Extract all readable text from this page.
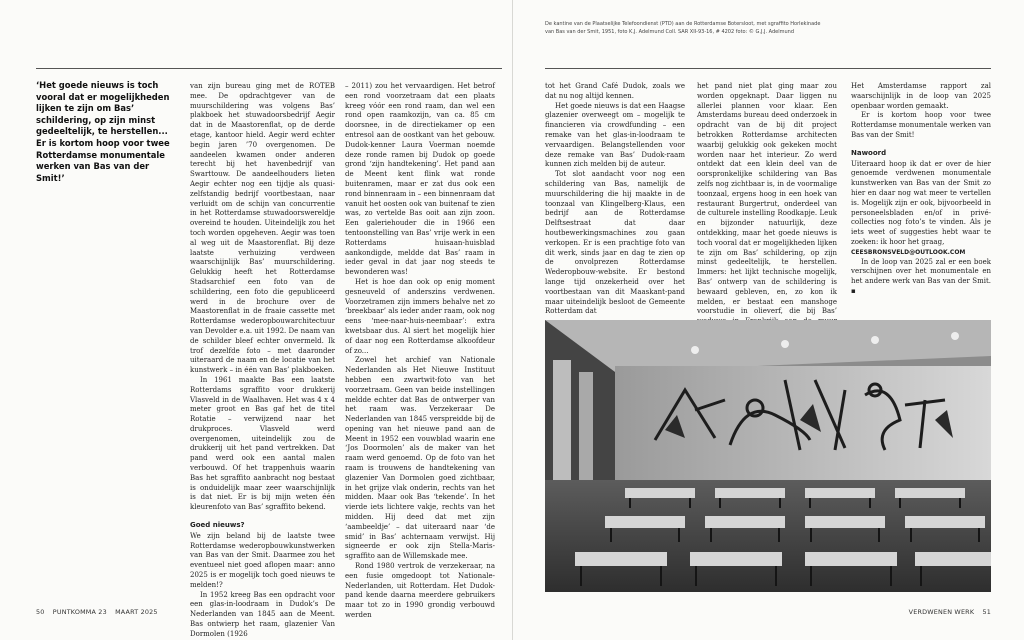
De kantine van de Plaatselijke Telefoondienst (PTD) aan de Rotterdamse Botersloot, met sgraffito Horlekinade
van Bas van der Smit, 1951, foto K.J. Adelmund Coll. SAR XII-93-16, # 4202 foto: © G.J.J. Adelmund
‘Het goede nieuws is toch vooral dat er mogelijkheden lijken te zijn om Bas’ schildering, op zijn minst gedeeltelijk, te herstellen... Er is kortom hoop voor twee Rotterdamse monumentale werken van Bas van der Smit!’

van zijn bureau ging met de ROTEB mee. De opdrachtgever van de muurschildering was volgens Bas’ plakboek het stuwadoorsbedrijf Aegir dat in de Maastorenflat, op de derde etage, kantoor hield. Aegir werd echter begin jaren ’70 overgenomen. De aandeelen kwamen onder anderen terecht bij het havenbedrijf van Swarttouw. De aandeelhouders lieten Aegir echter nog een tijdje als quasi-zelfstandig bedrijf voortbestaan, naar verluidt om de schijn van concurrentie in het Rotterdamse stuwadoorswereldje overeind te houden. Uiteindelijk zou het toch worden opgeheven. Aegir was toen al weg uit de Maastorenflat. Bij deze laatste verhuizing verdween waarschijnlijk Bas’ muurschildering. Gelukkig heeft het Rotterdamse Stadsarchief een foto van de schildering, een foto die gepubliceerd werd in de brochure over de Maastorenflat in de fraaie cassette met Rotterdamse wederopbouwarchitectuur van Devolder e.a. uit 1992. De naam van de schilder bleef echter onvermeld. Ik trof dezelfde foto – met daaronder uiteraard de naam en de locatie van het kunstwerk – in één van Bas’ plakboeken.

In 1961 maakte Bas een laatste Rotterdams sgraffito voor drukkerij Vlasveld in de Waalhaven. Het was 4 x 4 meter groot en Bas gaf het de titel Rotatie – verwijzend naar het drukproces. Vlasveld werd overgenomen, uiteindelijk zou de drukkerij uit het pand vertrekken. Dat pand werd ook een aantal malen verbouwd. Of het trappenhuis waarin Bas het sgraffito aanbracht nog bestaat is onduidelijk maar zeer waarschijnlijk is dat niet. Er is bij mijn weten één kleurenfoto van Bas’ sgraffito bekend.

Goed nieuws?

We zijn beland bij de laatste twee Rotterdamse wederopbouwkunstwerken van Bas van der Smit. Daarmee zou het eventueel niet goed aflopen maar: anno 2025 is er mogelijk toch goed nieuws te melden!?

In 1952 kreeg Bas een opdracht voor een glas-in-loodraam in Dudok’s De Nederlanden van 1845 aan de Meent. Bas ontwierp het raam, glazenier Van Dormolen (1926

– 2011) zou het vervaardigen. Het betrof een rond voorzetraam dat een plaats kreeg vóór een rond raam, dan wel een rond open raamkozijn, van ca. 85 cm doorsnee, in de directiekamer op een entresol aan de oostkant van het gebouw. Dudok-kenner Laura Voerman noemde deze ronde ramen bij Dudok op goede grond ‘zijn handtekening’. Het pand aan de Meent kent flink wat ronde buitenramen, maar er zat dus ook een rond binnenraam in – een binnenraam dat vanuit het oosten ook van buitenaf te zien was, zo vertelde Bas ooit aan zijn zoon. Een galeriehouder die in 1966 een tentoonstelling van Bas’ vrije werk in een Rotterdams huisaan-huisblad aankondigde, meldde dat Bas’ raam in ieder geval in dat jaar nog steeds te bewonderen was!

Het is hoe dan ook op enig moment gesneuveld of anderszins verdwenen. Voorzetramen zijn immers behalve net zo ‘breekbaar’ als ieder ander raam, ook nog eens ‘mee-naar-huis-neembaar’: extra kwetsbaar dus. Al siert het mogelijk hier of daar nog een Rotterdamse alkoofdeur of zo...

Zowel het archief van Nationale Nederlanden als Het Nieuwe Instituut hebben een zwartwit-foto van het voorzetraam. Geen van beide instellingen meldde echter dat Bas de ontwerper van het raam was. Verzekeraar De Nederlanden van 1845 verspreidde bij de opening van het nieuwe pand aan de Meent in 1952 een vouwblad waarin ene ‘Jos Doormolen’ als de maker van het raam werd genoemd. Op de foto van het raam is trouwens de handtekening van glazenier Van Dormolen goed zichtbaar, in het grijze vlak onderin, rechts van het midden. Maar ook Bas ‘tekende’. In het vierde iets lichtere vakje, rechts van het midden. Hij deed dat met zijn ‘aambeeldje’ – dat uiteraard naar ‘de smid’ in Bas’ achternaam verwijst. Hij signeerde er ook zijn Stella-Maris-sgraffito aan de Willemskade mee.

Rond 1980 vertrok de verzekeraar, na een fusie omgedoopt tot Nationale-Nederlanden, uit Rotterdam. Het Dudok-pand kende daarna meerdere gebruikers maar tot zo in 1990 grondig verbouwd werden

tot het Grand Café Dudok, zoals we dat nu nog altijd kennen.

Het goede nieuws is dat een Haagse glazenier overweegt om – mogelijk te financieren via crowdfunding – een remake van het glas-in-loodraam te vervaardigen. Belangstellenden voor deze remake van Bas’ Dudok-raam kunnen zich melden bij de auteur.

Tot slot aandacht voor nog een schildering van Bas, namelijk de muurschildering die hij maakte in de toonzaal van Klingelberg-Klaus, een bedrijf aan de Rotterdamse Delftsestraat dat daar houtbewerkingsmachines zou gaan verkopen. Er is een prachtige foto van dit werk, sinds jaar en dag te zien op de onvolprezen Rotterdamse Wederopbouw-website. Er bestond lange tijd onzekerheid over het voortbestaan van dit Maaskant-pand maar uiteindelijk besloot de Gemeente Rotterdam dat

het pand niet plat ging maar zou worden opgeknapt. Daar liggen nu allerlei plannen voor klaar. Een Amsterdams bureau deed onderzoek in opdracht van de bij dit project betrokken Rotterdamse architecten waarbij gelukkig ook gekeken mocht worden naar het interieur. Zo werd ontdekt dat een klein deel van de oorspronkelijke schildering van Bas zelfs nog zichtbaar is, in de voormalige toonzaal, ergens hoog in een hoek van restaurant Burgertrut, onderdeel van de culturele instelling Roodkapje. Leuk en bijzonder natuurlijk, deze ontdekking, maar het goede nieuws is toch vooral dat er mogelijkheden lijken te zijn om Bas’ schildering, op zijn minst gedeeltelijk, te herstellen. Immers: het lijkt technische mogelijk, Bas’ ontwerp van de schildering is bewaard gebleven, en, zo kon ik melden, er bestaat een manshoge voorstudie in olieverf, die bij Bas’

Het Amsterdamse rapport zal waarschijnlijk in de loop van 2025 openbaar worden gemaakt.

Er is kortom hoop voor twee Rotterdamse monumentale werken van Bas van der Smit!

Nawoord

Uiteraard hoop ik dat er over de hier genoemde verdwenen monumentale kunstwerken van Bas van der Smit zo hier en daar nog wat meer te vertellen is. Mogelijk zijn er ook, bijvoorbeeld in personeelsbladen en/of in privé-collecties nog foto’s te vinden. Als je iets weet of suggesties hebt waar te zoeken: ik hoor het graag,

CEESBRONSVELD@OUTLOOK.COM

In de loop van 2025 zal er een boek verschijnen over het monumentale en het andere werk van Bas van der Smit. ▪

50 PUNTKOMMA 23 MAART 2025	VERDWENEN WERK 51
